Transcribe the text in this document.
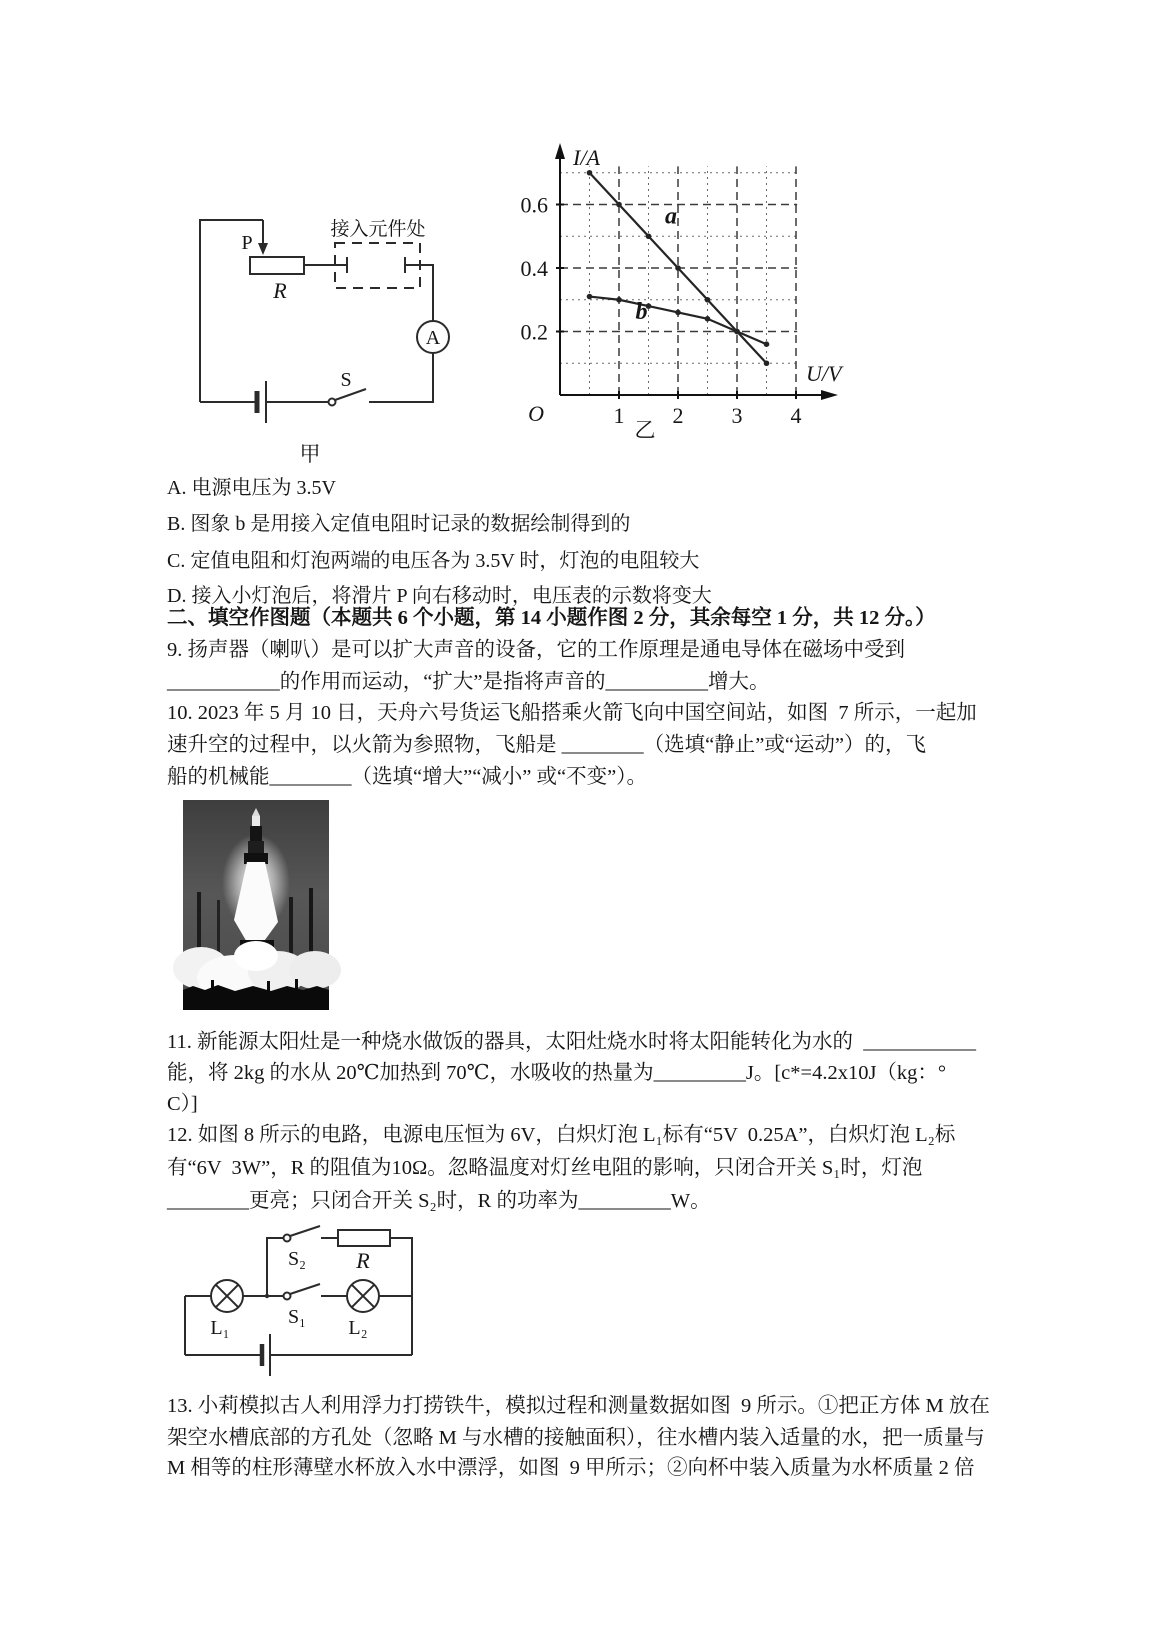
P
R
接入元件处
A
S
甲
乙
0.2
0.4
0.6
1 2 3 4
a
b
I/A
U/V
O
A. 电源电压为 3.5V
B. 图象 b 是用接入定值电阻时记录的数据绘制得到的
C. 定值电阻和灯泡两端的电压各为 3.5V 时，灯泡的电阻较大
D. 接入小灯泡后，将滑片 P 向右移动时，电压表的示数将变大
二、填空作图题（本题共 6 个小题，第 14 小题作图 2 分，其余每空 1 分，共 12 分。）
9. 扬声器（喇叭）是可以扩大声音的设备，它的工作原理是通电导体在磁场中受到
___________的作用而运动，“扩大”是指将声音的__________增大。
10. 2023 年 5 月 10 日，天舟六号货运飞船搭乘火箭飞向中国空间站，如图  7 所示，一起加
速升空的过程中，以火箭为参照物，飞船是 ________（选填“静止”或“运动”）的，飞
船的机械能________（选填“增大”“减小” 或“不变”）。
11. 新能源太阳灶是一种烧水做饭的器具，太阳灶烧水时将太阳能转化为水的  ___________
能，将 2kg 的水从 20℃加热到 70℃，水吸收的热量为_________J。[c*=4.2x10J（kg：°
C）]
12. 如图 8 所示的电路，电源电压恒为 6V，白炽灯泡 L₁标有“5V  0.25A”，白炽灯泡 L₂标
有“6V  3W”，R 的阻值为10Ω。忽略温度对灯丝电阻的影响，只闭合开关 S₁时，灯泡
________更亮；只闭合开关 S₂时，R 的功率为_________W。
S₂ R
S₁
L₁	L₂
13. 小莉模拟古人利用浮力打捞铁牛，模拟过程和测量数据如图  9 所示。①把正方体 M 放在
架空水槽底部的方孔处（忽略 M 与水槽的接触面积），往水槽内装入适量的水，把一质量与
M 相等的柱形薄壁水杯放入水中漂浮，如图  9 甲所示；②向杯中装入质量为水杯质量 2 倍
